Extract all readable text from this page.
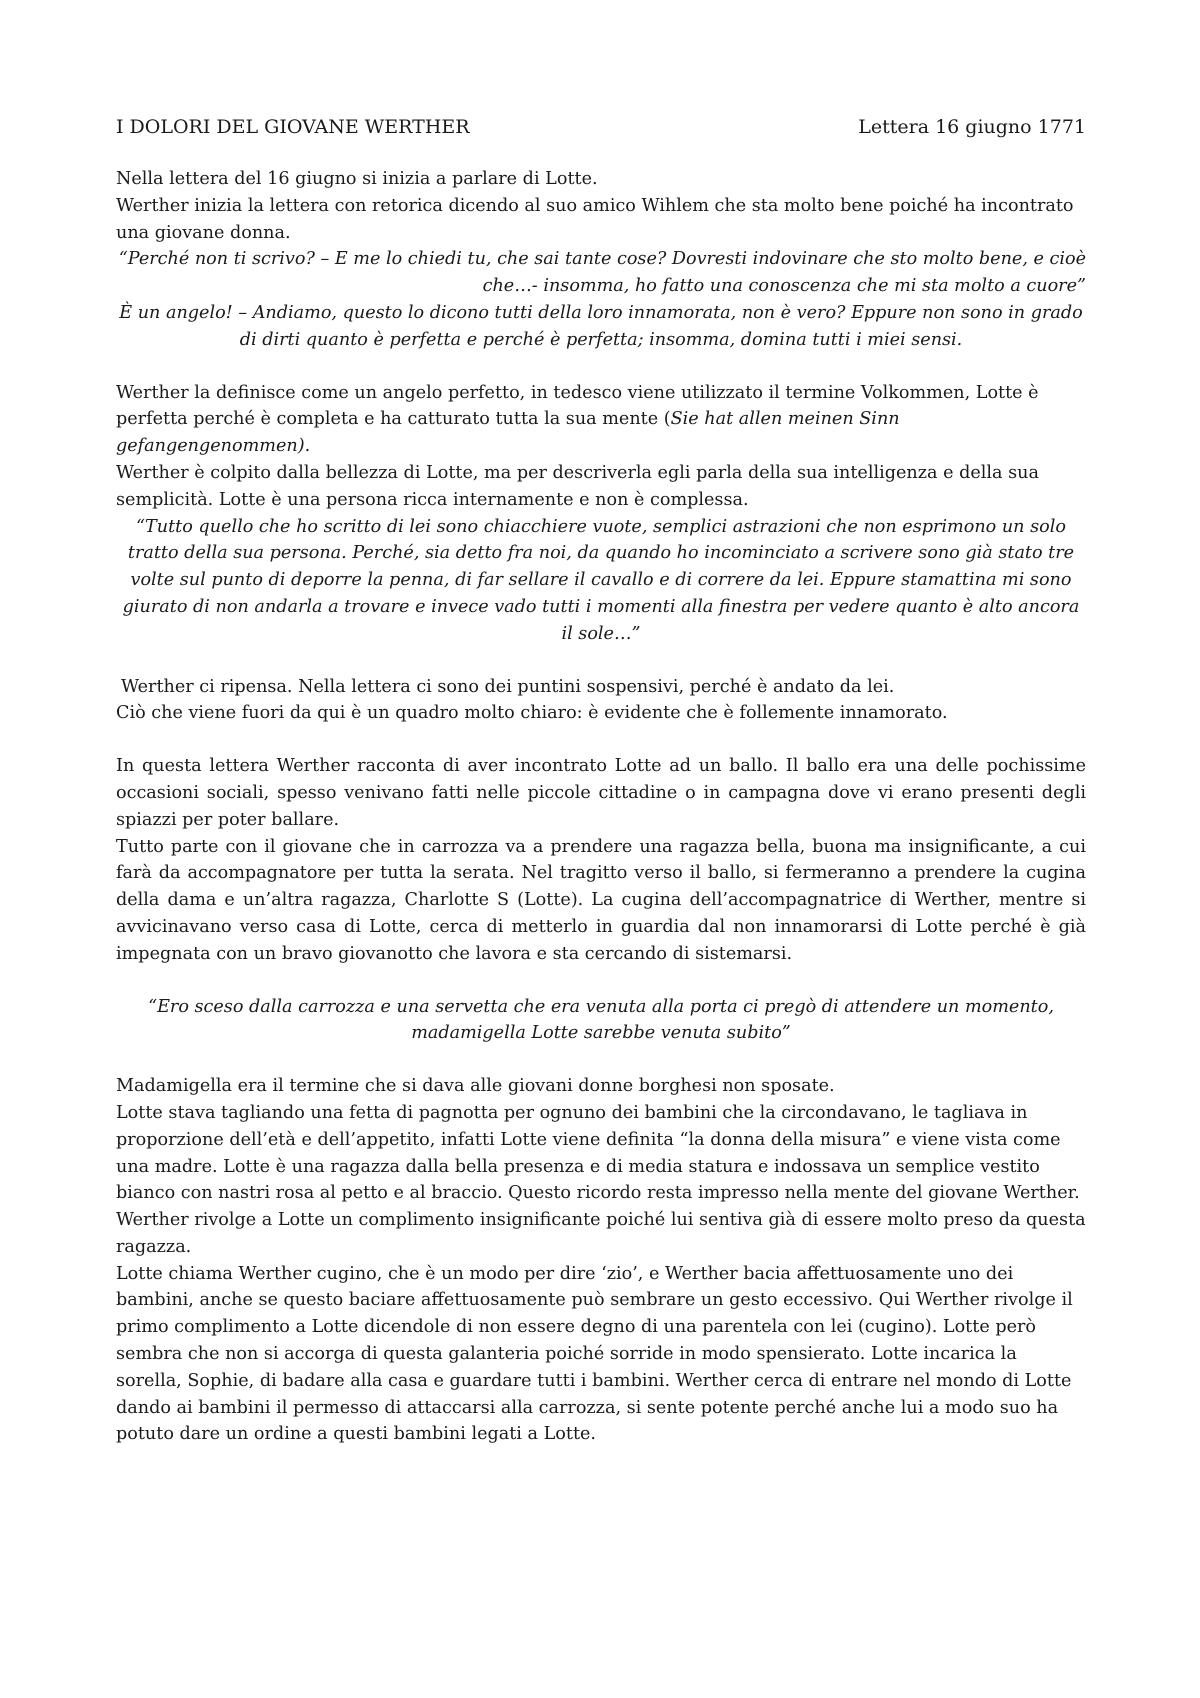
I DOLORI DEL GIOVANE WERTHER	Lettera 16 giugno 1771

Nella lettera del 16 giugno si inizia a parlare di Lotte.

Werther inizia la lettera con retorica dicendo al suo amico Wihlem che sta molto bene poiché ha incontrato una giovane donna.

“Perché non ti scrivo? – E me lo chiedi tu, che sai tante cose? Dovresti indovinare che sto molto bene, e cioè che…- insomma, ho fatto una conoscenza che mi sta molto a cuore”

È un angelo! – Andiamo, questo lo dicono tutti della loro innamorata, non è vero? Eppure non sono in grado di dirti quanto è perfetta e perché è perfetta; insomma, domina tutti i miei sensi.

Werther la definisce come un angelo perfetto, in tedesco viene utilizzato il termine Volkommen, Lotte è perfetta perché è completa e ha catturato tutta la sua mente (Sie hat allen meinen Sinn gefangengenommen).

Werther è colpito dalla bellezza di Lotte, ma per descriverla egli parla della sua intelligenza e della sua semplicità. Lotte è una persona ricca internamente e non è complessa.

“Tutto quello che ho scritto di lei sono chiacchiere vuote, semplici astrazioni che non esprimono un solo tratto della sua persona. Perché, sia detto fra noi, da quando ho incominciato a scrivere sono già stato tre volte sul punto di deporre la penna, di far sellare il cavallo e di correre da lei. Eppure stamattina mi sono giurato di non andarla a trovare e invece vado tutti i momenti alla finestra per vedere quanto è alto ancora il sole…”

Werther ci ripensa. Nella lettera ci sono dei puntini sospensivi, perché è andato da lei.

Ciò che viene fuori da qui è un quadro molto chiaro: è evidente che è follemente innamorato.

In questa lettera Werther racconta di aver incontrato Lotte ad un ballo. Il ballo era una delle pochissime occasioni sociali, spesso venivano fatti nelle piccole cittadine o in campagna dove vi erano presenti degli spiazzi per poter ballare.

Tutto parte con il giovane che in carrozza va a prendere una ragazza bella, buona ma insignificante, a cui farà da accompagnatore per tutta la serata. Nel tragitto verso il ballo, si fermeranno a prendere la cugina della dama e un’altra ragazza, Charlotte S (Lotte). La cugina dell’accompagnatrice di Werther, mentre si avvicinavano verso casa di Lotte, cerca di metterlo in guardia dal non innamorarsi di Lotte perché è già impegnata con un bravo giovanotto che lavora e sta cercando di sistemarsi.

“Ero sceso dalla carrozza e una servetta che era venuta alla porta ci pregò di attendere un momento, madamigella Lotte sarebbe venuta subito”

Madamigella era il termine che si dava alle giovani donne borghesi non sposate.

Lotte stava tagliando una fetta di pagnotta per ognuno dei bambini che la circondavano, le tagliava in proporzione dell’età e dell’appetito, infatti Lotte viene definita “la donna della misura” e viene vista come una madre. Lotte è una ragazza dalla bella presenza e di media statura e indossava un semplice vestito bianco con nastri rosa al petto e al braccio. Questo ricordo resta impresso nella mente del giovane Werther. Werther rivolge a Lotte un complimento insignificante poiché lui sentiva già di essere molto preso da questa ragazza.

Lotte chiama Werther cugino, che è un modo per dire ‘zio’, e Werther bacia affettuosamente uno dei bambini, anche se questo baciare affettuosamente può sembrare un gesto eccessivo. Qui Werther rivolge il primo complimento a Lotte dicendole di non essere degno di una parentela con lei (cugino). Lotte però sembra che non si accorga di questa galanteria poiché sorride in modo spensierato. Lotte incarica la sorella, Sophie, di badare alla casa e guardare tutti i bambini. Werther cerca di entrare nel mondo di Lotte dando ai bambini il permesso di attaccarsi alla carrozza, si sente potente perché anche lui a modo suo ha potuto dare un ordine a questi bambini legati a Lotte.
